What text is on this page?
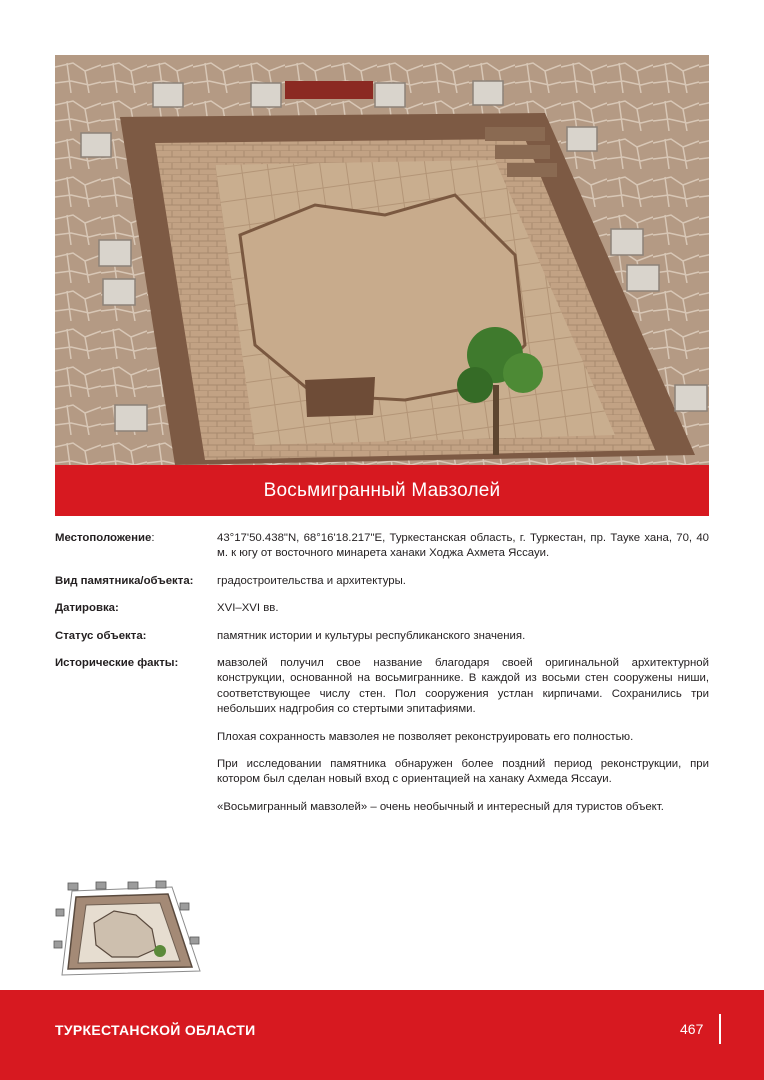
Восьмигранный Мавзолей
Местоположение:	43°17'50.438"N, 68°16'18.217"E, Туркестанская область, г. Туркестан, пр. Тауке хана, 70, 40 м. к югу от восточного минарета ханаки Ходжа Ахмета Яссауи.

Вид памятника/объекта:	градостроительства и архитектуры.

Датировка:	XVI–XVI вв.

Статус объекта:	памятник истории и культуры республиканского значения.

Исторические факты:	мавзолей получил свое название благодаря своей оригинальной архитектурной конструкции, основанной на восьмиграннике. В каждой из восьми стен сооружены ниши, соответствующее числу стен. Пол сооружения устлан кирпичами. Сохранились три небольших надгробия со стертыми эпитафиями.

Плохая сохранность мавзолея не позволяет реконструировать его полностью.

При исследовании памятника обнаружен более поздний период реконструкции, при котором был сделан новый вход с ориентацией на ханаку Ахмеда Яссауи.

«Восьмигранный мавзолей» – очень необычный и интересный для туристов объект.

ТУРКЕСТАНСКОЙ ОБЛАСТИ	467
